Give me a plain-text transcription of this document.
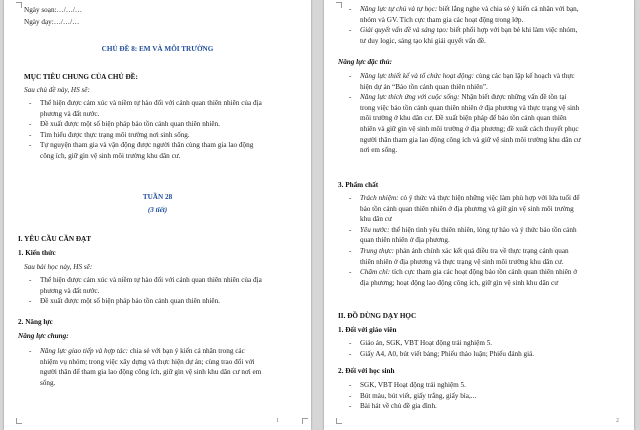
Ngày soạn:…/…/…

Ngày dạy:…/…/…

CHỦ ĐỀ 8: EM VÀ MÔI TRƯỜNG

MỤC TIÊU CHUNG CỦA CHỦ ĐỀ:

Sau chủ đề này, HS sẽ:

- Thể hiện được cảm xúc và niềm tự hào đối với cảnh quan thiên nhiên của địa
phương và đất nước.
- Đề xuất được một số biện pháp bảo tồn cảnh quan thiên nhiên.
- Tìm hiểu được thực trạng môi trường nơi sinh sống.
- Tự nguyện tham gia và vận động được người thân cùng tham gia lao động
công ích, giữ gìn vệ sinh môi trường khu dân cư.

TUẦN 28

(3 tiết)

I. YÊU CẦU CẦN ĐẠT

1. Kiến thức

Sau bài học này, HS sẽ:

- Thể hiện được cảm xúc và niềm tự hào đối với cảnh quan thiên nhiên của địa
phương và đất nước.
- Đề xuất được một số biện pháp bảo tồn cảnh quan thiên nhiên.

2. Năng lực

Năng lực chung:

- Năng lực giao tiếp và hợp tác: chia sẻ với bạn ý kiến cá nhân trong các
nhiệm vụ nhóm; trong việc xây dựng và thực hiện dự án; cùng trao đổi với
người thân để tham gia lao động công ích, giữ gìn vệ sinh khu dân cư nơi em
sống.
1
- Năng lực tự chủ và tự học: biết lắng nghe và chia sẻ ý kiến cá nhân với bạn,
nhóm và GV. Tích cực tham gia các hoạt động trong lớp.
- Giải quyết vấn đề và sáng tạo: biết phối hợp với bạn bè khi làm việc nhóm,
tư duy logic, sáng tạo khi giải quyết vấn đề.

Năng lực đặc thù:

- Năng lực thiết kế và tổ chức hoạt động: cùng các bạn lập kế hoạch và thực
hiện dự án “Bảo tồn cảnh quan thiên nhiên”.
- Năng lực thích ứng với cuộc sống: Nhận biết được những vấn đề tồn tại
trong việc bảo tồn cảnh quan thiên nhiên ở địa phương và thực trạng vệ sinh
môi trường ở khu dân cư. Đề xuất biện pháp để bảo tồn cảnh quan thiên
nhiên và giữ gìn vệ sinh môi trường ở địa phương; đề xuất cách thuyết phục
người thân tham gia lao động công ích và giữ vệ sinh môi trường khu dân cư
nơi em sống.

3. Phẩm chất

- Trách nhiệm: có ý thức và thực hiện những việc làm phù hợp với lứa tuổi để
bảo tồn cảnh quan thiên nhiên ở địa phương và giữ gìn vệ sinh môi trường
khu dân cư
- Yêu nước: thể hiện tình yêu thiên nhiên, lòng tự hào và ý thức bảo tồn cảnh
quan thiên nhiên ở địa phương.
- Trung thực: phản ánh chính xác kết quả điều tra về thực trạng cảnh quan
thiên nhiên ở địa phương và thực trạng vệ sinh môi trường khu dân cư.
- Chăm chỉ: tích cực tham gia các hoạt động bảo tồn cảnh quan thiên nhiên ở
địa phương; hoạt động lao động công ích, giữ gìn vệ sinh khu dân cư

II. ĐỒ DÙNG DẠY HỌC

1. Đối với giáo viên

- Giáo án, SGK, VBT Hoạt động trải nghiệm 5.
- Giấy A4, A0, bút viết bảng; Phiếu thảo luận; Phiếu đánh giá.

2. Đối với học sinh

- SGK, VBT Hoạt động trải nghiệm 5.
- Bút màu, bút viết, giấy trắng, giấy bìa,...
- Bài hát về chủ đề gia đình.
2
